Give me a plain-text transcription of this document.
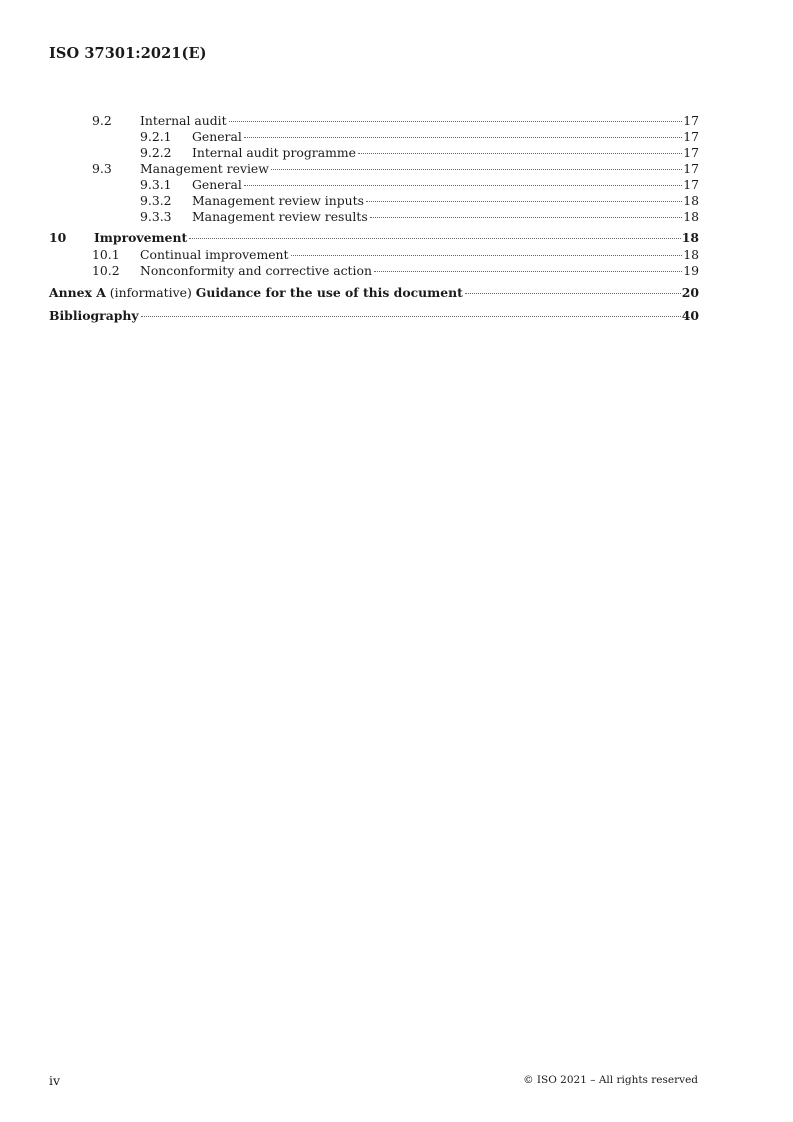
ISO 37301:2021(E)
9.2 Internal audit	17
9.2.1 General	17
9.2.2 Internal audit programme	17
9.3 Management review	17
9.3.1 General	17
9.3.2 Management review inputs	18
9.3.3 Management review results	18
10 Improvement	18
10.1 Continual improvement	18
10.2 Nonconformity and corrective action	19
Annex A (informative) Guidance for the use of this document	20
Bibliography	40
iv	© ISO 2021 – All rights reserved
